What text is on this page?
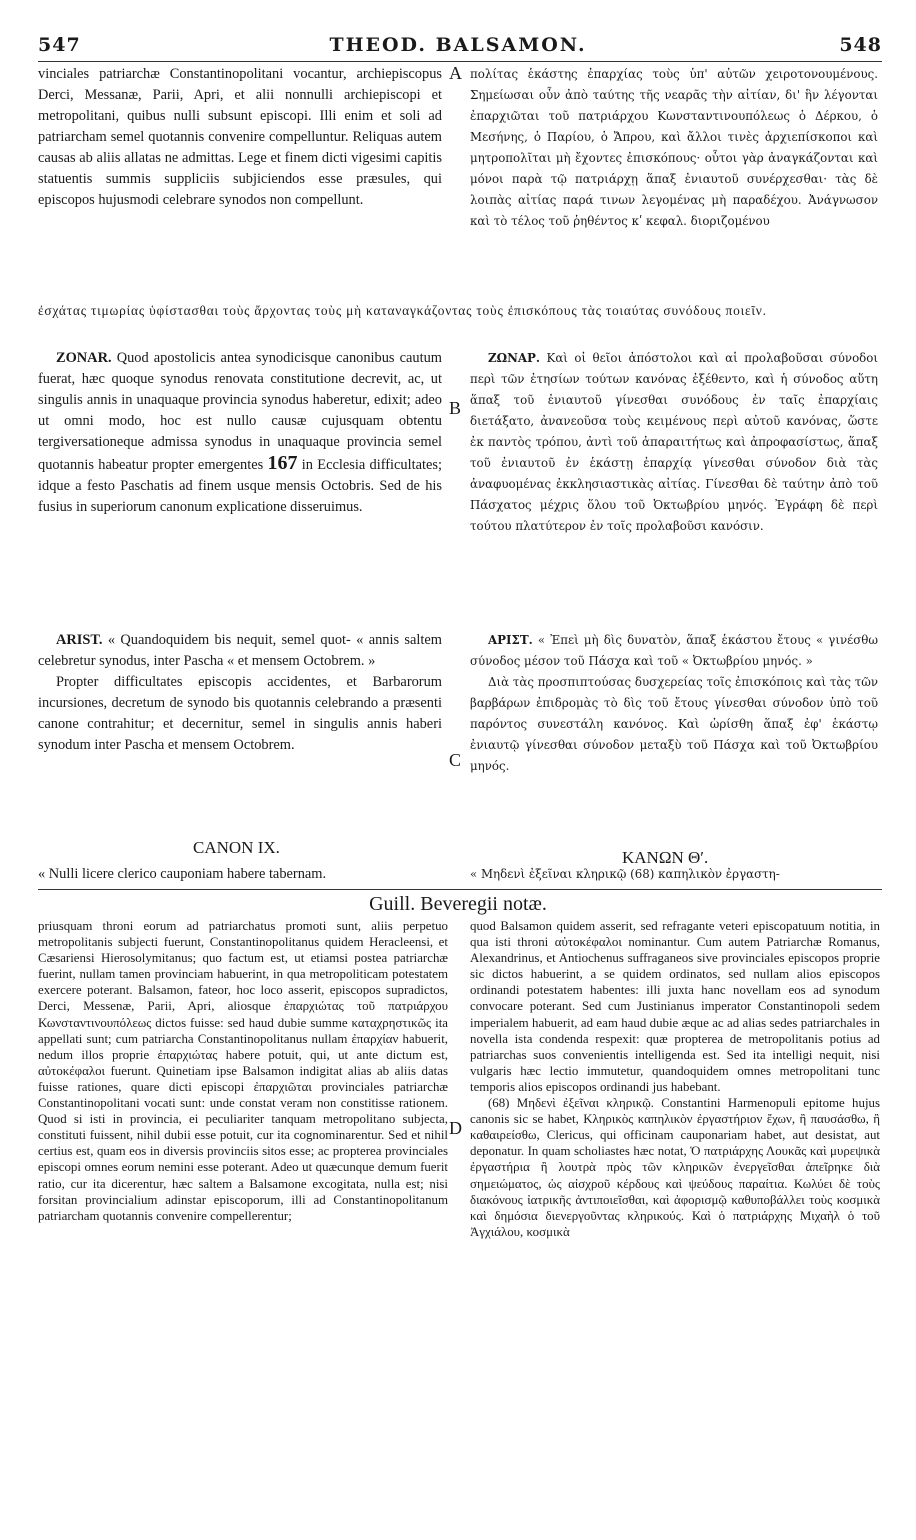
547	THEOD. BALSAMON.	548

vinciales patriarchæ Constantinopolitani vocantur, archiepiscopus Derci, Messanæ, Parii, Apri, et alii nonnulli archiepiscopi et metropolitani, quibus nulli subsunt episcopi. Illi enim et soli ad patriarcham semel quotannis convenire compelluntur. Reliquas autem causas ab aliis allatas ne admittas. Lege et finem dicti vigesimi capitis statuentis summis suppliciis subjiciendos esse præsules, qui episcopos hujusmodi celebrare synodos non compellunt.

A πολίτας ἑκάστης ἐπαρχίας τοὺς ὑπ' αὐτῶν χειροτονουμένους. Σημείωσαι οὖν ἀπὸ ταύτης τῆς νεαρᾶς τὴν αἰτίαν, δι' ἣν λέγονται ἐπαρχιῶται τοῦ πατριάρχου Κωνσταντινουπόλεως ὁ Δέρκου, ὁ Μεσήνης, ὁ Παρίου, ὁ Ἄπρου, καὶ ἄλλοι τινὲς ἀρχιεπίσκοποι καὶ μητροπολῖται μὴ ἔχοντες ἐπισκόπους· οὗτοι γὰρ ἀναγκάζονται καὶ μόνοι παρὰ τῷ πατριάρχῃ ἅπαξ ἐνιαυτοῦ συνέρχεσθαι· τὰς δὲ λοιπὰς αἰτίας παρά τινων λεγομένας μὴ παραδέχου. Ἀνάγνωσον καὶ τὸ τέλος τοῦ ῥηθέντος κʹ κεφαλ. διοριζομένου

ἐσχάτας τιμωρίας ὑφίστασθαι τοὺς ἄρχοντας τοὺς μὴ καταναγκάζοντας τοὺς ἐπισκόπους τὰς τοιαύτας συνόδους ποιεῖν.

ZONAR. Quod apostolicis antea synodicisque canonibus cautum fuerat, hæc quoque synodus renovata constitutione decrevit, ac, ut singulis annis in unaquaque provincia synodus haberetur, edixit; adeo ut omni modo, hoc est nullo causæ cujusquam obtentu tergiversationeque admissa synodus in unaquaque provincia semel quotannis habeatur propter emergentes 167 in Ecclesia difficultates; idque a festo Paschatis ad finem usque mensis Octobris. Sed de his fusius in superiorum canonum explicatione disseruimus.

B

ΖΩΝΑΡ. Καὶ οἱ θεῖοι ἀπόστολοι καὶ αἱ προλαβοῦσαι σύνοδοι περὶ τῶν ἐτησίων τούτων κανόνας ἐξέθεντο, καὶ ἡ σύνοδος αὕτη ἅπαξ τοῦ ἐνιαυτοῦ γίνεσθαι συνόδους ἐν ταῖς ἐπαρχίαις διετάξατο, ἀνανεοῦσα τοὺς κειμένους περὶ αὐτοῦ κανόνας, ὥστε ἐκ παντὸς τρόπου, ἀντὶ τοῦ ἀπαραιτήτως καὶ ἀπροφασίστως, ἅπαξ τοῦ ἐνιαυτοῦ ἐν ἑκάστῃ ἐπαρχίᾳ γίνεσθαι σύνοδον διὰ τὰς ἀναφυομένας ἐκκλησιαστικὰς αἰτίας. Γίνεσθαι δὲ ταύτην ἀπὸ τοῦ Πάσχατος μέχρις ὅλου τοῦ Ὀκτωβρίου μηνός. Ἐγράφη δὲ περὶ τούτου πλατύτερον ἐν τοῖς προλαβοῦσι κανόσιν.

ARIST. « Quandoquidem bis nequit, semel quot- « annis saltem celebretur synodus, inter Pascha « et mensem Octobrem. »

Propter difficultates episcopis accidentes, et Barbarorum incursiones, decretum de synodo bis quotannis celebrando a præsenti canone contrahitur; et decernitur, semel in singulis annis haberi synodum inter Pascha et mensem Octobrem.

C

ΑΡΙΣΤ. « Ἐπεὶ μὴ δὶς δυνατὸν, ἅπαξ ἑκάστου ἔτους « γινέσθω σύνοδος μέσον τοῦ Πάσχα καὶ τοῦ « Ὀκτωβρίου μηνός. »

Διὰ τὰς προσπιπτούσας δυσχερείας τοῖς ἐπισκόποις καὶ τὰς τῶν βαρβάρων ἐπιδρομὰς τὸ δὶς τοῦ ἔτους γίνεσθαι σύνοδον ὑπὸ τοῦ παρόντος συνεστάλη κανόνος. Καὶ ὡρίσθη ἅπαξ ἐφ' ἑκάστῳ ἐνιαυτῷ γίνεσθαι σύνοδον μεταξὺ τοῦ Πάσχα καὶ τοῦ Ὀκτωβρίου μηνός.

CANON IX.
ΚΑΝΩΝ Θʹ.

« Nulli licere clerico cauponiam habere tabernam.	« Μηδενὶ ἐξεῖναι κληρικῷ (68) καπηλικὸν ἐργαστη-

Guill. Beveregii notæ.

priusquam throni eorum ad patriarchatus promoti sunt, aliis perpetuo metropolitanis subjecti fuerunt, Constantinopolitanus quidem Heracleensi, et Cæsariensi Hierosolymitanus; quo factum est, ut etiamsi postea patriarchæ fuerint, nullam tamen provinciam habuerint, in qua metropoliticam potestatem exercere poterant. Balsamon, fateor, hoc loco asserit, episcopos supradictos, Derci, Messenæ, Parii, Apri, aliosque ἐπαρχιώτας τοῦ πατριάρχου Κωνσταντινουπόλεως dictos fuisse: sed haud dubie summe καταχρηστικῶς ita appellati sunt; cum patriarcha Constantinopolitanus nullam ἐπαρχίαν habuerit, nedum illos proprie ἐπαρχιώτας habere potuit, qui, ut ante dictum est, αὐτοκέφαλοι fuerunt. Quinetiam ipse Balsamon indigitat alias ab aliis datas fuisse rationes, quare dicti episcopi ἐπαρχιῶται provinciales patriarchæ Constantinopolitani vocati sunt: unde constat veram non constitisse rationem. Quod si isti in provincia, ei peculiariter tanquam metropolitano subjecta, constituti fuissent, nihil dubii esse potuit, cur ita cognominarentur. Sed et nihil certius est, quam eos in diversis provinciis sitos esse; ac propterea provinciales episcopi omnes eorum nemini esse poterant. Adeo ut quæcunque demum fuerit ratio, cur ita dicerentur, hæc saltem a Balsamone excogitata, nulla est; nisi forsitan provincialium adinstar episcoporum, illi ad Constantinopolitanum patriarcham quotannis convenire compellerentur;

D

quod Balsamon quidem asserit, sed refragante veteri episcopatuum notitia, in qua isti throni αὐτοκέφαλοι nominantur. Cum autem Patriarchæ Romanus, Alexandrinus, et Antiochenus suffraganeos sive provinciales episcopos proprie sic dictos habuerint, a se quidem ordinatos, sed nullam alios episcopos ordinandi potestatem habentes: illi juxta hanc novellam eos ad synodum convocare poterant. Sed cum Justinianus imperator Constantinopoli sedem imperialem habuerit, ad eam haud dubie æque ac ad alias sedes patriarchales in novella ista condenda respexit: quæ propterea de metropolitanis potius ad patriarchas suos convenientis intelligenda est. Sed ita intelligi nequit, nisi vulgaris hæc lectio immutetur, quandoquidem omnes metropolitani tunc temporis alios episcopos ordinandi jus habebant.

(68) Μηδενὶ ἐξεῖναι κληρικῷ. Constantini Harmenopuli epitome hujus canonis sic se habet, Κληρικὸς καπηλικὸν ἐργαστήριον ἔχων, ἢ παυσάσθω, ἢ καθαιρείσθω, Clericus, qui officinam cauponariam habet, aut desistat, aut deponatur. In quam scholiastes hæc notat, Ὁ πατριάρχης Λουκᾶς καὶ μυρεψικὰ ἐργαστήρια ἢ λουτρὰ πρὸς τῶν κληρικῶν ἐνεργεῖσθαι ἀπεῖρηκε διὰ σημειώματος, ὡς αἰσχροῦ κέρδους καὶ ψεύδους παραίτια. Κωλύει δὲ τοὺς διακόνους ἰατρικῆς ἀντιποιεῖσθαι, καὶ ἀφορισμῷ καθυποβάλλει τοὺς κοσμικὰ καὶ δημόσια διενεργοῦντας κληρικούς. Καὶ ὁ πατριάρχης Μιχαὴλ ὁ τοῦ Ἀγχιάλου, κοσμικὰ
